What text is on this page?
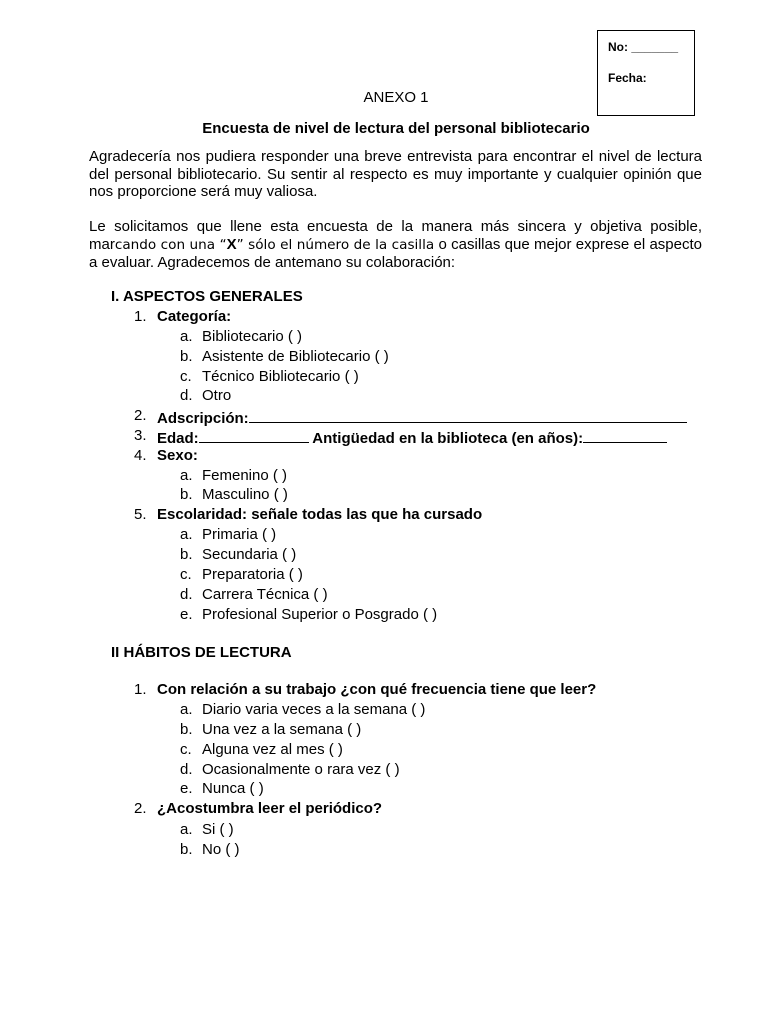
No: _______
Fecha:
ANEXO 1
Encuesta de nivel de lectura del personal bibliotecario
Agradecería nos pudiera responder una breve entrevista para encontrar el nivel de lectura del personal bibliotecario. Su sentir al respecto es muy importante y cualquier opinión que nos proporcione será muy valiosa.
Le solicitamos que llene esta encuesta de la manera más sincera y objetiva posible, marcando con una “X” sólo el número de la casilla o casillas que mejor exprese el aspecto a evaluar. Agradecemos de antemano su colaboración:
I. ASPECTOS GENERALES
1. Categoría:
a. Bibliotecario ( )
b. Asistente de Bibliotecario ( )
c. Técnico Bibliotecario ( )
d. Otro
2. Adscripción:
3. Edad:	Antigüedad en la biblioteca (en años):
4. Sexo:
a. Femenino ( )
b. Masculino ( )
5. Escolaridad: señale todas las que ha cursado
a. Primaria ( )
b. Secundaria ( )
c. Preparatoria ( )
d. Carrera Técnica ( )
e. Profesional Superior o Posgrado ( )
II HÁBITOS DE LECTURA
1. Con relación a su trabajo ¿con qué frecuencia tiene que leer?
a. Diario varia veces a la semana ( )
b. Una vez a la semana ( )
c. Alguna vez al mes ( )
d. Ocasionalmente o rara vez ( )
e. Nunca ( )
2. ¿Acostumbra leer el periódico?
a. Si ( )
b. No ( )
